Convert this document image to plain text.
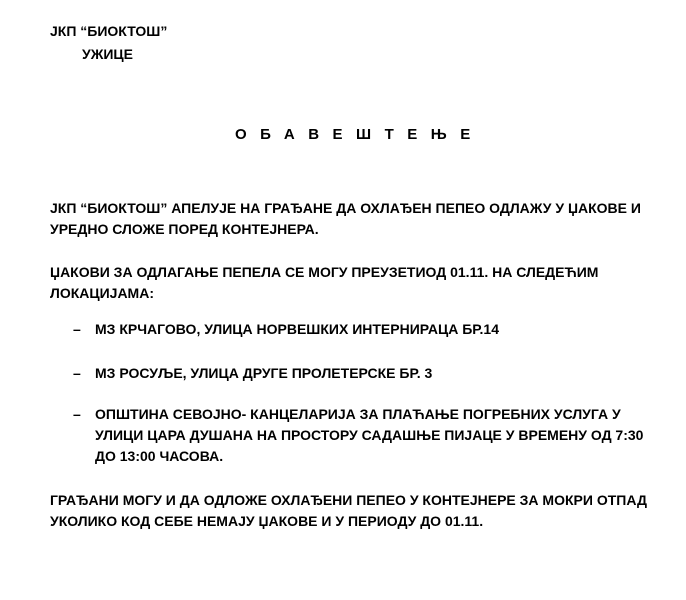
ЈКП “БИОКТОШ”
УЖИЦЕ
ОБАВЕШТЕЊЕ

ЈКП “БИОКТОШ” АПЕЛУЈЕ НА ГРАЂАНЕ ДА ОХЛАЂЕН ПЕПЕО ОДЛАЖУ У ЏАКОВЕ И УРЕДНО СЛОЖЕ ПОРЕД КОНТЕЈНЕРА.

ЏАКОВИ ЗА ОДЛАГАЊЕ ПЕПЕЛА СЕ МОГУ ПРЕУЗЕТИОД 01.11. НА СЛЕДЕЋИМ ЛОКАЦИЈАМА:

–	МЗ КРЧАГОВО, УЛИЦА НОРВЕШКИХ ИНТЕРНИРАЦА БР.14
–	МЗ РОСУЉЕ, УЛИЦА ДРУГЕ ПРОЛЕТЕРСКЕ БР. 3
–	ОПШТИНА СЕВОЈНО- КАНЦЕЛАРИЈА ЗА ПЛАЋАЊЕ ПОГРЕБНИХ УСЛУГА У УЛИЦИ ЦАРА ДУШАНА НА ПРОСТОРУ САДАШЊЕ ПИЈАЦЕ У ВРЕМЕНУ ОД 7:30 ДО 13:00 ЧАСОВА.

ГРАЂАНИ МОГУ И ДА ОДЛОЖЕ ОХЛАЂЕНИ ПЕПЕО У КОНТЕЈНЕРЕ ЗА МОКРИ ОТПАД УКОЛИКО КОД СЕБЕ НЕМАЈУ ЏАКОВЕ И У ПЕРИОДУ ДО 01.11.
